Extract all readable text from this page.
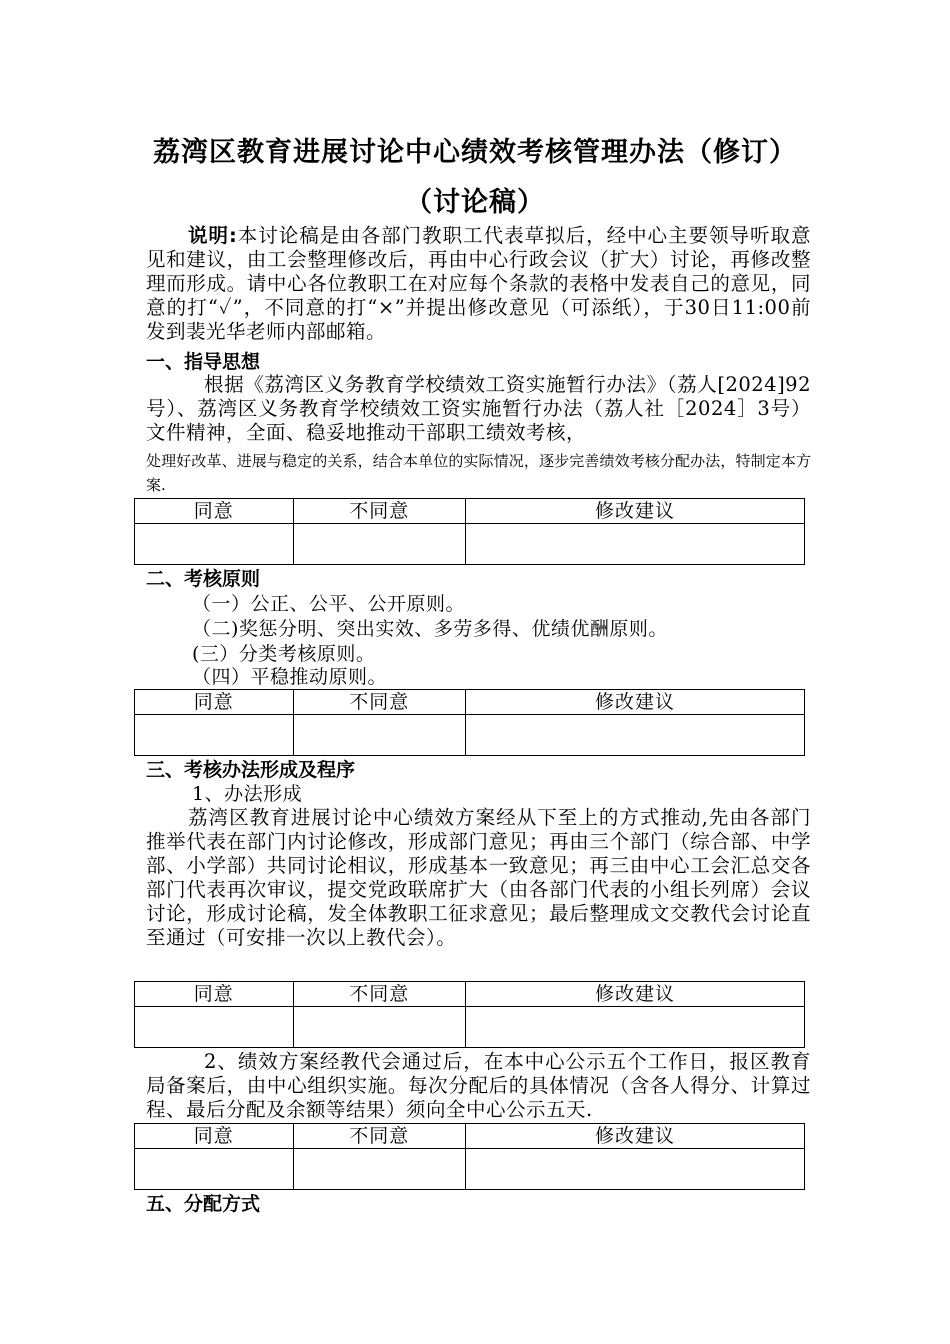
荔湾区教育进展讨论中心绩效考核管理办法（修订）
（讨论稿）
说明:本讨论稿是由各部门教职工代表草拟后，经中心主要领导听取意见和建议，由工会整理修改后，再由中心行政会议（扩大）讨论，再修改整理而形成。请中心各位教职工在对应每个条款的表格中发表自己的意见，同意的打“✓”，不同意的打“×”并提出修改意见（可添纸），于30日11:00前发到裴光华老师内部邮箱。
一、指导思想
根据《荔湾区义务教育学校绩效工资实施暂行办法》（荔人[2024]92号）、荔湾区义务教育学校绩效工资实施暂行办法（荔人社［2024］3号）文件精神，全面、稳妥地推动干部职工绩效考核，
处理好改革、进展与稳定的关系，结合本单位的实际情况，逐步完善绩效考核分配办法，特制定本方案.
同意	不同意	修改建议

二、考核原则
（一）公正、公平、公开原则。
（二)奖惩分明、突出实效、多劳多得、优绩优酬原则。
(三）分类考核原则。
（四）平稳推动原则。
同意	不同意	修改建议

三、考核办法形成及程序
1、办法形成
荔湾区教育进展讨论中心绩效方案经从下至上的方式推动,先由各部门推举代表在部门内讨论修改，形成部门意见；再由三个部门（综合部、中学部、小学部）共同讨论相议，形成基本一致意见；再三由中心工会汇总交各部门代表再次审议，提交党政联席扩大（由各部门代表的小组长列席）会议讨论，形成讨论稿，发全体教职工征求意见；最后整理成文交教代会讨论直至通过（可安排一次以上教代会）。
同意	不同意	修改建议

2、绩效方案经教代会通过后，在本中心公示五个工作日，报区教育局备案后，由中心组织实施。每次分配后的具体情况（含各人得分、计算过程、最后分配及余额等结果）须向全中心公示五天.
同意	不同意	修改建议

五、分配方式
